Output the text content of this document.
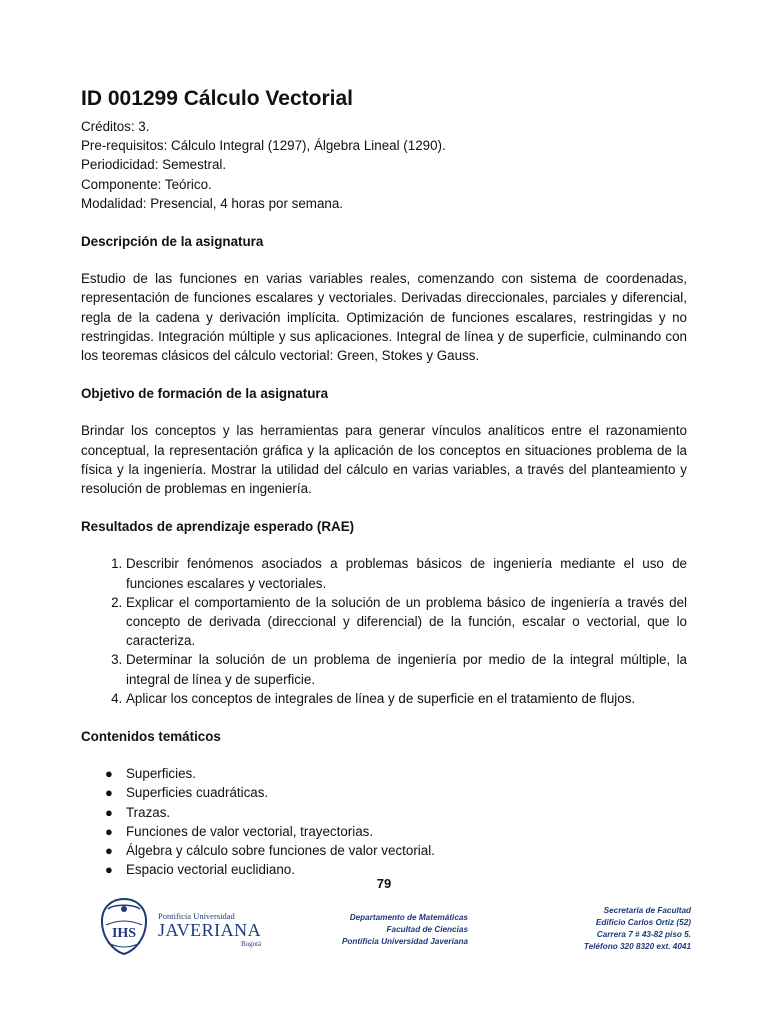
ID 001299 Cálculo Vectorial
Créditos: 3.
Pre-requisitos: Cálculo Integral (1297), Álgebra Lineal (1290).
Periodicidad: Semestral.
Componente: Teórico.
Modalidad: Presencial, 4 horas por semana.
Descripción de la asignatura

Estudio de las funciones en varias variables reales, comenzando con sistema de coordenadas, representación de funciones escalares y vectoriales. Derivadas direccionales, parciales y diferencial, regla de la cadena y derivación implícita. Optimización de funciones escalares, restringidas y no restringidas. Integración múltiple y sus aplicaciones. Integral de línea y de superficie, culminando con los teoremas clásicos del cálculo vectorial: Green, Stokes y Gauss.

Objetivo de formación de la asignatura

Brindar los conceptos y las herramientas para generar vínculos analíticos entre el razonamiento conceptual, la representación gráfica y la aplicación de los conceptos en situaciones problema de la física y la ingeniería. Mostrar la utilidad del cálculo en varias variables, a través del planteamiento y resolución de problemas en ingeniería.

Resultados de aprendizaje esperado (RAE)
1. Describir fenómenos asociados a problemas básicos de ingeniería mediante el uso de funciones escalares y vectoriales.
2. Explicar el comportamiento de la solución de un problema básico de ingeniería a través del concepto de derivada (direccional y diferencial) de la función, escalar o vectorial, que lo caracteriza.
3. Determinar la solución de un problema de ingeniería por medio de la integral múltiple, la integral de línea y de superficie.
4. Aplicar los conceptos de integrales de línea y de superficie en el tratamiento de flujos.
Contenidos temáticos
● Superficies.
● Superficies cuadráticas.
● Trazas.
● Funciones de valor vectorial, trayectorias.
● Álgebra y cálculo sobre funciones de valor vectorial.
● Espacio vectorial euclidiano.
79
IHS
Pontificia Universidad
JAVERIANA
Bogotá
Departamento de Matemáticas
Facultad de Ciencias
Pontificia Universidad Javeriana
Secretaría de Facultad
Edificio Carlos Ortiz (52)
Carrera 7 # 43-82 piso 5.
Teléfono 320 8320 ext. 4041
